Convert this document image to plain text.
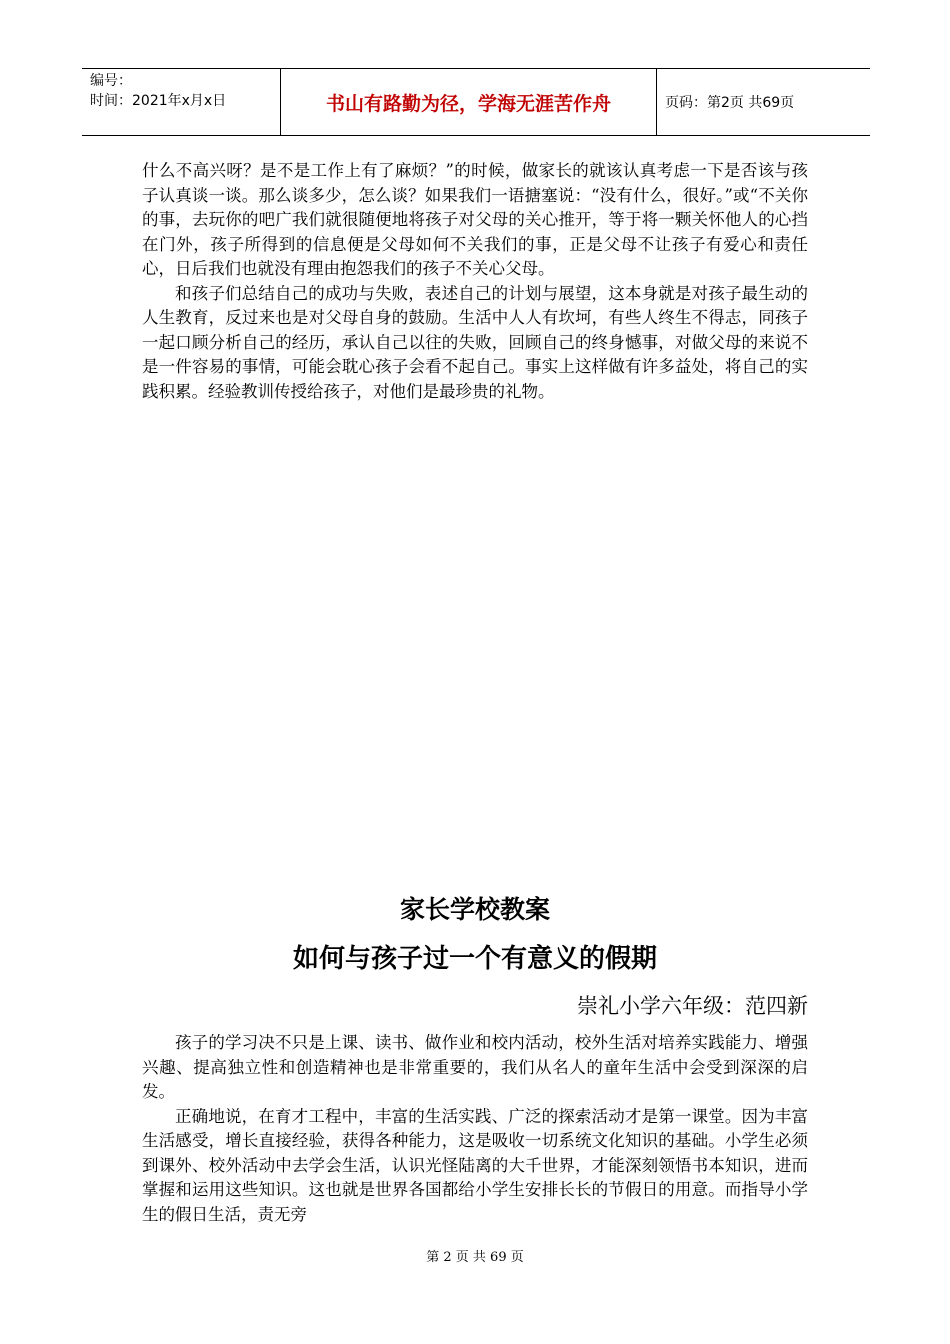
编号：
时间：2021年x月x日	书山有路勤为径，学海无涯苦作舟	页码：第2页 共69页

什么不高兴呀？是不是工作上有了麻烦？”的时候，做家长的就该认真考虑一下是否该与孩子认真谈一谈。那么谈多少，怎么谈？如果我们一语搪塞说：“没有什么，很好。”或“不关你的事，去玩你的吧广我们就很随便地将孩子对父母的关心推开，等于将一颗关怀他人的心挡在门外，孩子所得到的信息便是父母如何不关我们的事，正是父母不让孩子有爱心和责任心，日后我们也就没有理由抱怨我们的孩子不关心父母。

和孩子们总结自己的成功与失败，表述自己的计划与展望，这本身就是对孩子最生动的人生教育，反过来也是对父母自身的鼓励。生活中人人有坎坷，有些人终生不得志，同孩子一起口顾分析自己的经历，承认自己以往的失败，回顾自己的终身憾事，对做父母的来说不是一件容易的事情，可能会耽心孩子会看不起自己。事实上这样做有许多益处，将自己的实践积累。经验教训传授给孩子，对他们是最珍贵的礼物。

家长学校教案
如何与孩子过一个有意义的假期
崇礼小学六年级：范四新

孩子的学习决不只是上课、读书、做作业和校内活动，校外生活对培养实践能力、增强兴趣、提高独立性和创造精神也是非常重要的，我们从名人的童年生活中会受到深深的启发。

正确地说，在育才工程中，丰富的生活实践、广泛的探索活动才是第一课堂。因为丰富生活感受，增长直接经验，获得各种能力，这是吸收一切系统文化知识的基础。小学生必须到课外、校外活动中去学会生活，认识光怪陆离的大千世界，才能深刻领悟书本知识，进而掌握和运用这些知识。这也就是世界各国都给小学生安排长长的节假日的用意。而指导小学生的假日生活，责无旁

第 2 页 共 69 页
